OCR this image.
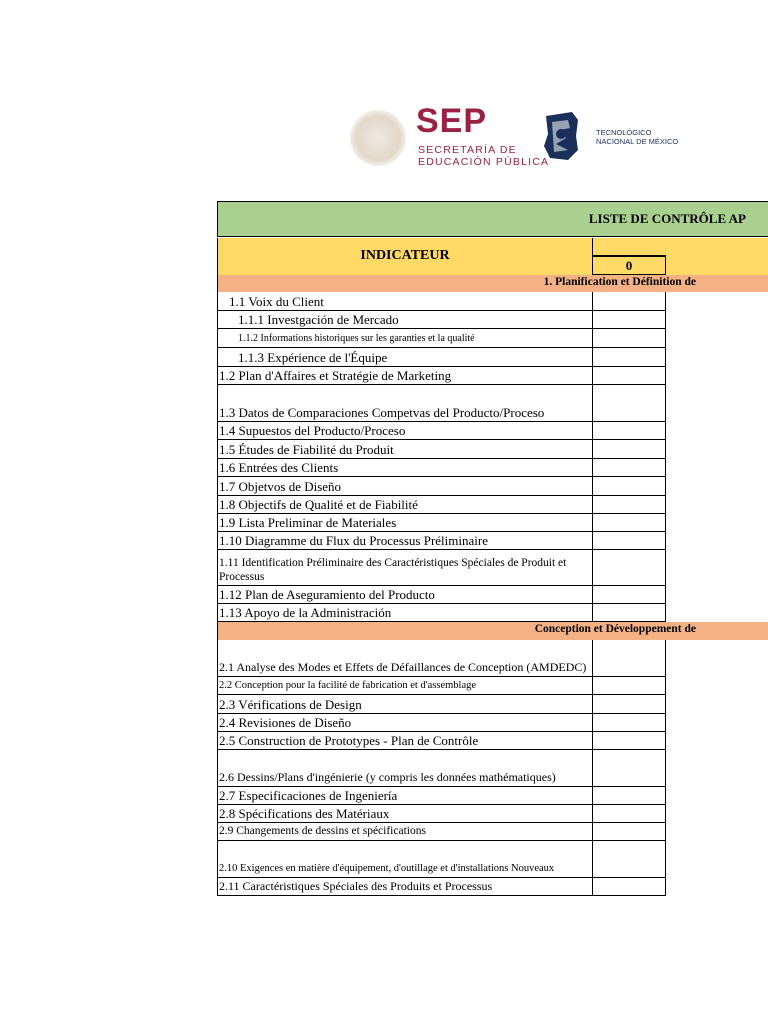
SEP
SECRETARÍA DE
EDUCACIÓN PÚBLICA
TECNOLÓGICO
NACIONAL DE MÉXICO
LISTE DE CONTRÔLE AP
INDICATEUR
0
1. Planification et Définition de
1.1 Voix du Client
1.1.1 Investgación de Mercado
1.1.2 Informations historiques sur les garanties et la qualité
1.1.3 Expérience de l'Équipe
1.2 Plan d'Affaires et Stratégie de Marketing
1.3 Datos de Comparaciones Competvas del Producto/Proceso
1.4 Supuestos del Producto/Proceso
1.5 Études de Fiabilité du Produit
1.6 Entrées des Clients
1.7 Objetvos de Diseño
1.8 Objectifs de Qualité et de Fiabilité
1.9 Lista Preliminar de Materiales
1.10 Diagramme du Flux du Processus Préliminaire
1.11 Identification Préliminaire des Caractéristiques Spéciales de Produit et Processus
1.12 Plan de Aseguramiento del Producto
1.13 Apoyo de la Administración
Conception et Développement de
2.1 Analyse des Modes et Effets de Défaillances de Conception (AMDEDC)
2.2 Conception pour la facilité de fabrication et d'assemblage
2.3 Vérifications de Design
2.4 Revisiones de Diseño
2.5 Construction de Prototypes - Plan de Contrôle
2.6 Dessins/Plans d'ingénierie (y compris les données mathématiques)
2.7 Especificaciones de Ingeniería
2.8 Spécifications des Matériaux
2.9 Changements de dessins et spécifications
2.10 Exigences en matière d'équipement, d'outillage et d'installations Nouveaux
2.11 Caractéristiques Spéciales des Produits et Processus
